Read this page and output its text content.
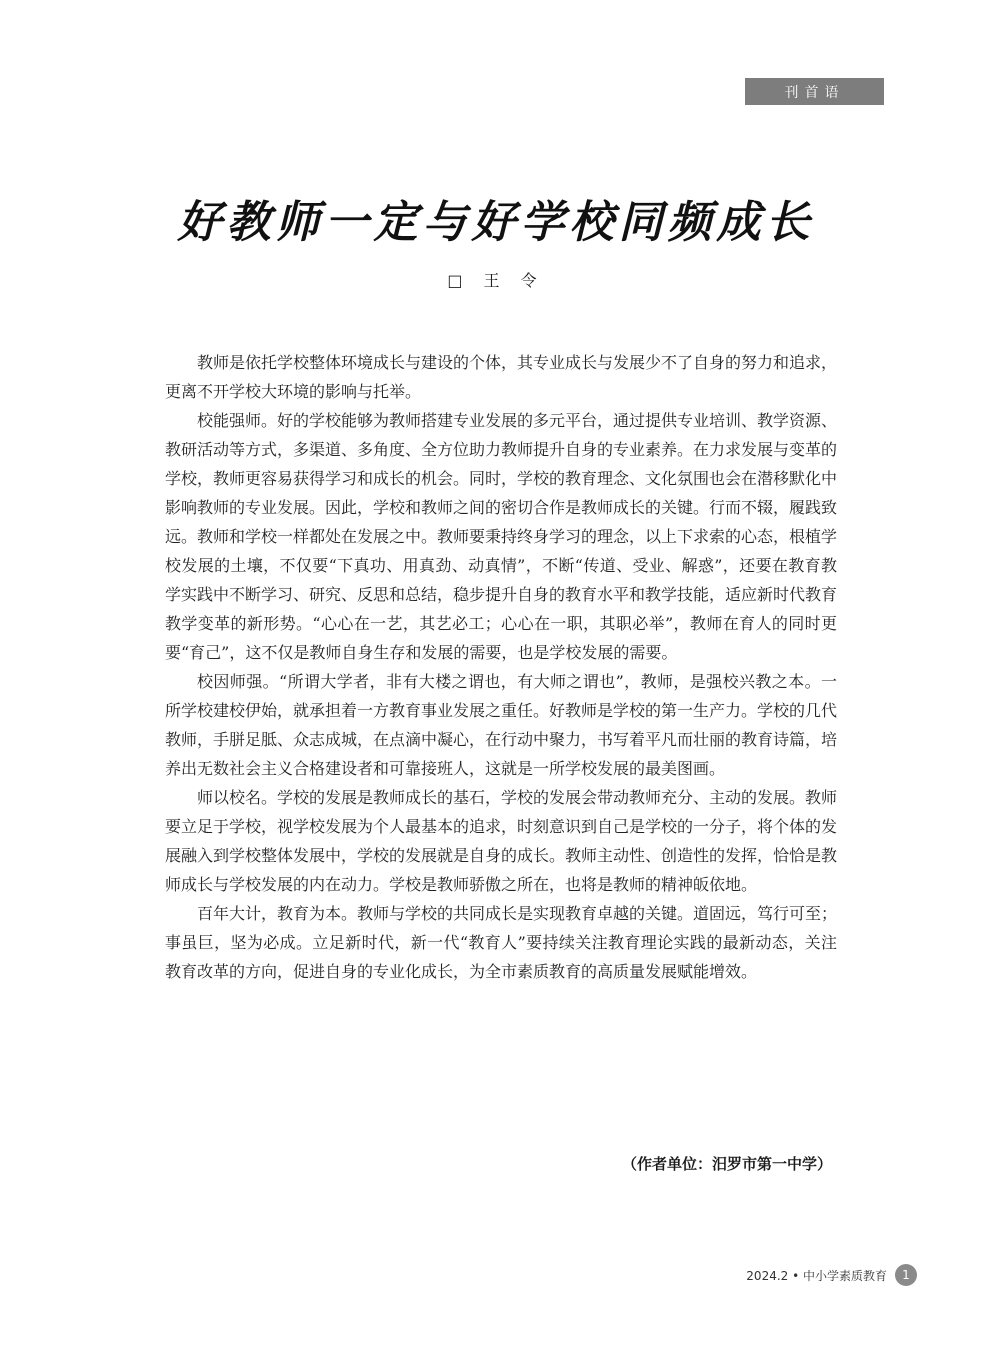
刊首语
好教师一定与好学校同频成长
□ 王 令

教师是依托学校整体环境成长与建设的个体，其专业成长与发展少不了自身的努力和追求，更离不开学校大环境的影响与托举。

校能强师。好的学校能够为教师搭建专业发展的多元平台，通过提供专业培训、教学资源、教研活动等方式，多渠道、多角度、全方位助力教师提升自身的专业素养。在力求发展与变革的学校，教师更容易获得学习和成长的机会。同时，学校的教育理念、文化氛围也会在潜移默化中影响教师的专业发展。因此，学校和教师之间的密切合作是教师成长的关键。行而不辍，履践致远。教师和学校一样都处在发展之中。教师要秉持终身学习的理念，以上下求索的心态，根植学校发展的土壤，不仅要“下真功、用真劲、动真情”，不断“传道、受业、解惑”，还要在教育教学实践中不断学习、研究、反思和总结，稳步提升自身的教育水平和教学技能，适应新时代教育教学变革的新形势。“心心在一艺，其艺必工；心心在一职，其职必举”，教师在育人的同时更要“育己”，这不仅是教师自身生存和发展的需要，也是学校发展的需要。

校因师强。“所谓大学者，非有大楼之谓也，有大师之谓也”，教师，是强校兴教之本。一所学校建校伊始，就承担着一方教育事业发展之重任。好教师是学校的第一生产力。学校的几代教师，手胼足胝、众志成城，在点滴中凝心，在行动中聚力，书写着平凡而壮丽的教育诗篇，培养出无数社会主义合格建设者和可靠接班人，这就是一所学校发展的最美图画。

师以校名。学校的发展是教师成长的基石，学校的发展会带动教师充分、主动的发展。教师要立足于学校，视学校发展为个人最基本的追求，时刻意识到自己是学校的一分子，将个体的发展融入到学校整体发展中，学校的发展就是自身的成长。教师主动性、创造性的发挥，恰恰是教师成长与学校发展的内在动力。学校是教师骄傲之所在，也将是教师的精神皈依地。

百年大计，教育为本。教师与学校的共同成长是实现教育卓越的关键。道固远，笃行可至；事虽巨，坚为必成。立足新时代，新一代“教育人”要持续关注教育理论实践的最新动态，关注教育改革的方向，促进自身的专业化成长，为全市素质教育的高质量发展赋能增效。

（作者单位：汨罗市第一中学）
2024.2 • 中小学素质教育	1
